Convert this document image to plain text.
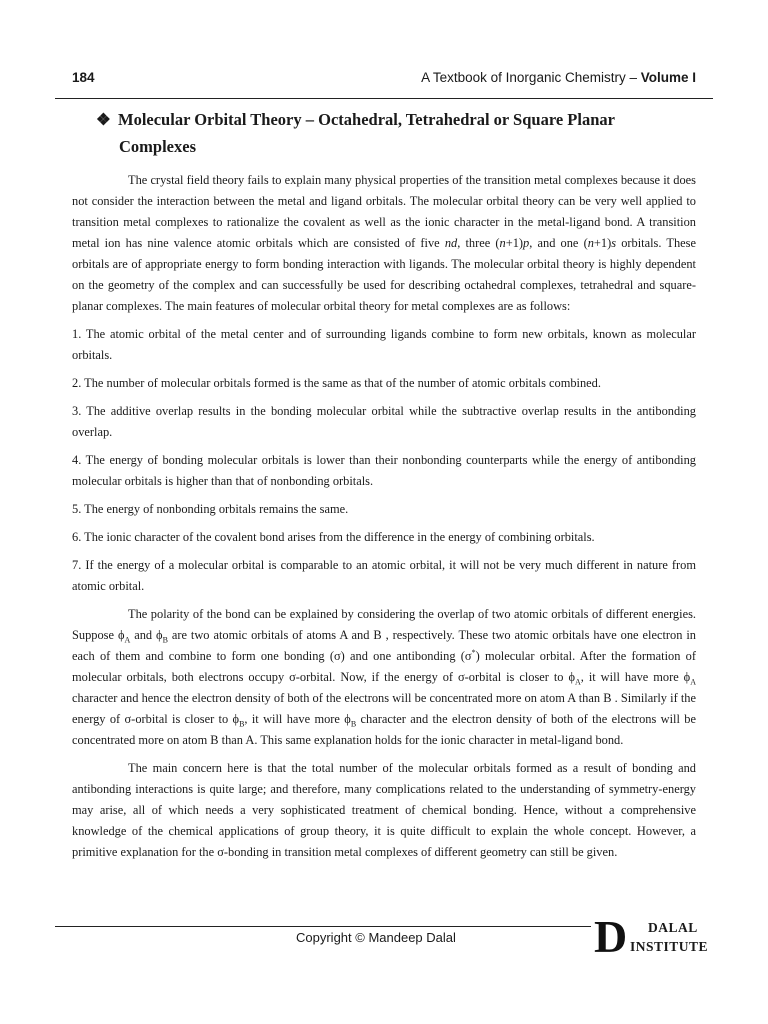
184	A Textbook of Inorganic Chemistry – Volume I
❖ Molecular Orbital Theory – Octahedral, Tetrahedral or Square Planar
Complexes

The crystal field theory fails to explain many physical properties of the transition metal complexes because it does not consider the interaction between the metal and ligand orbitals. The molecular orbital theory can be very well applied to transition metal complexes to rationalize the covalent as well as the ionic character in the metal-ligand bond. A transition metal ion has nine valence atomic orbitals which are consisted of five nd, three (n+1)p, and one (n+1)s orbitals. These orbitals are of appropriate energy to form bonding interaction with ligands. The molecular orbital theory is highly dependent on the geometry of the complex and can successfully be used for describing octahedral complexes, tetrahedral and square-planar complexes. The main features of molecular orbital theory for metal complexes are as follows:

1. The atomic orbital of the metal center and of surrounding ligands combine to form new orbitals, known as molecular orbitals.

2. The number of molecular orbitals formed is the same as that of the number of atomic orbitals combined.

3. The additive overlap results in the bonding molecular orbital while the subtractive overlap results in the antibonding overlap.

4. The energy of bonding molecular orbitals is lower than their nonbonding counterparts while the energy of antibonding molecular orbitals is higher than that of nonbonding orbitals.

5. The energy of nonbonding orbitals remains the same.

6. The ionic character of the covalent bond arises from the difference in the energy of combining orbitals.

7. If the energy of a molecular orbital is comparable to an atomic orbital, it will not be very much different in nature from atomic orbital.

The polarity of the bond can be explained by considering the overlap of two atomic orbitals of different energies. Suppose $\phi_A$ and $\phi_B$ are two atomic orbitals of atoms A and B , respectively. These two atomic orbitals have one electron in each of them and combine to form one bonding (σ) and one antibonding (σ*) molecular orbital. After the formation of molecular orbitals, both electrons occupy σ-orbital. Now, if the energy of σ-orbital is closer to $\phi_A$, it will have more $\phi_A$ character and hence the electron density of both of the electrons will be concentrated more on atom A than B . Similarly if the energy of σ-orbital is closer to $\phi_B$, it will have more $\phi_B$ character and the electron density of both of the electrons will be concentrated more on atom B than A. This same explanation holds for the ionic character in metal-ligand bond.

The main concern here is that the total number of the molecular orbitals formed as a result of bonding and antibonding interactions is quite large; and therefore, many complications related to the understanding of symmetry-energy may arise, all of which needs a very sophisticated treatment of chemical bonding. Hence, without a comprehensive knowledge of the chemical applications of group theory, it is quite difficult to explain the whole concept. However, a primitive explanation for the σ-bonding in transition metal complexes of different geometry can still be given.

Copyright © Mandeep Dalal	D DALAL
INSTITUTE
